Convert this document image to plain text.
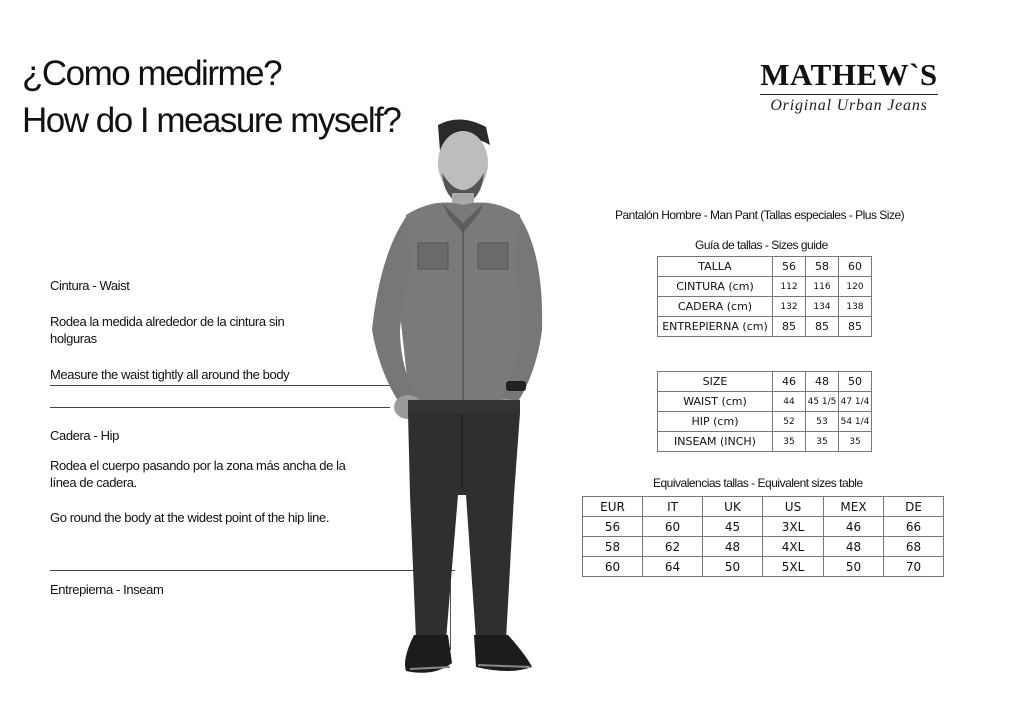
¿Como medirme?
How do I measure myself?
MATHEW`S
Original Urban Jeans
Cintura - Waist
Rodea la medida alrededor de la cintura sin holguras
Measure the waist tightly all around the body
Cadera - Hip
Rodea el cuerpo pasando por la zona más ancha de la línea de cadera.
Go round the body at the widest point of the hip line.
Entrepierna - Inseam
Pantalón Hombre - Man Pant (Tallas especiales - Plus Size)
Guía de tallas - Sizes guide
TALLA	56	58	60
CINTURA (cm)	112	116	120
CADERA (cm)	132	134	138
ENTREPIERNA (cm)	85	85	85
SIZE	46	48	50
WAIST (cm)	44	45 1/5	47 1/4
HIP (cm)	52	53	54 1/4
INSEAM (INCH)	35	35	35
Equivalencias tallas - Equivalent sizes table
EUR	IT	UK	US	MEX	DE
56	60	45	3XL	46	66
58	62	48	4XL	48	68
60	64	50	5XL	50	70
